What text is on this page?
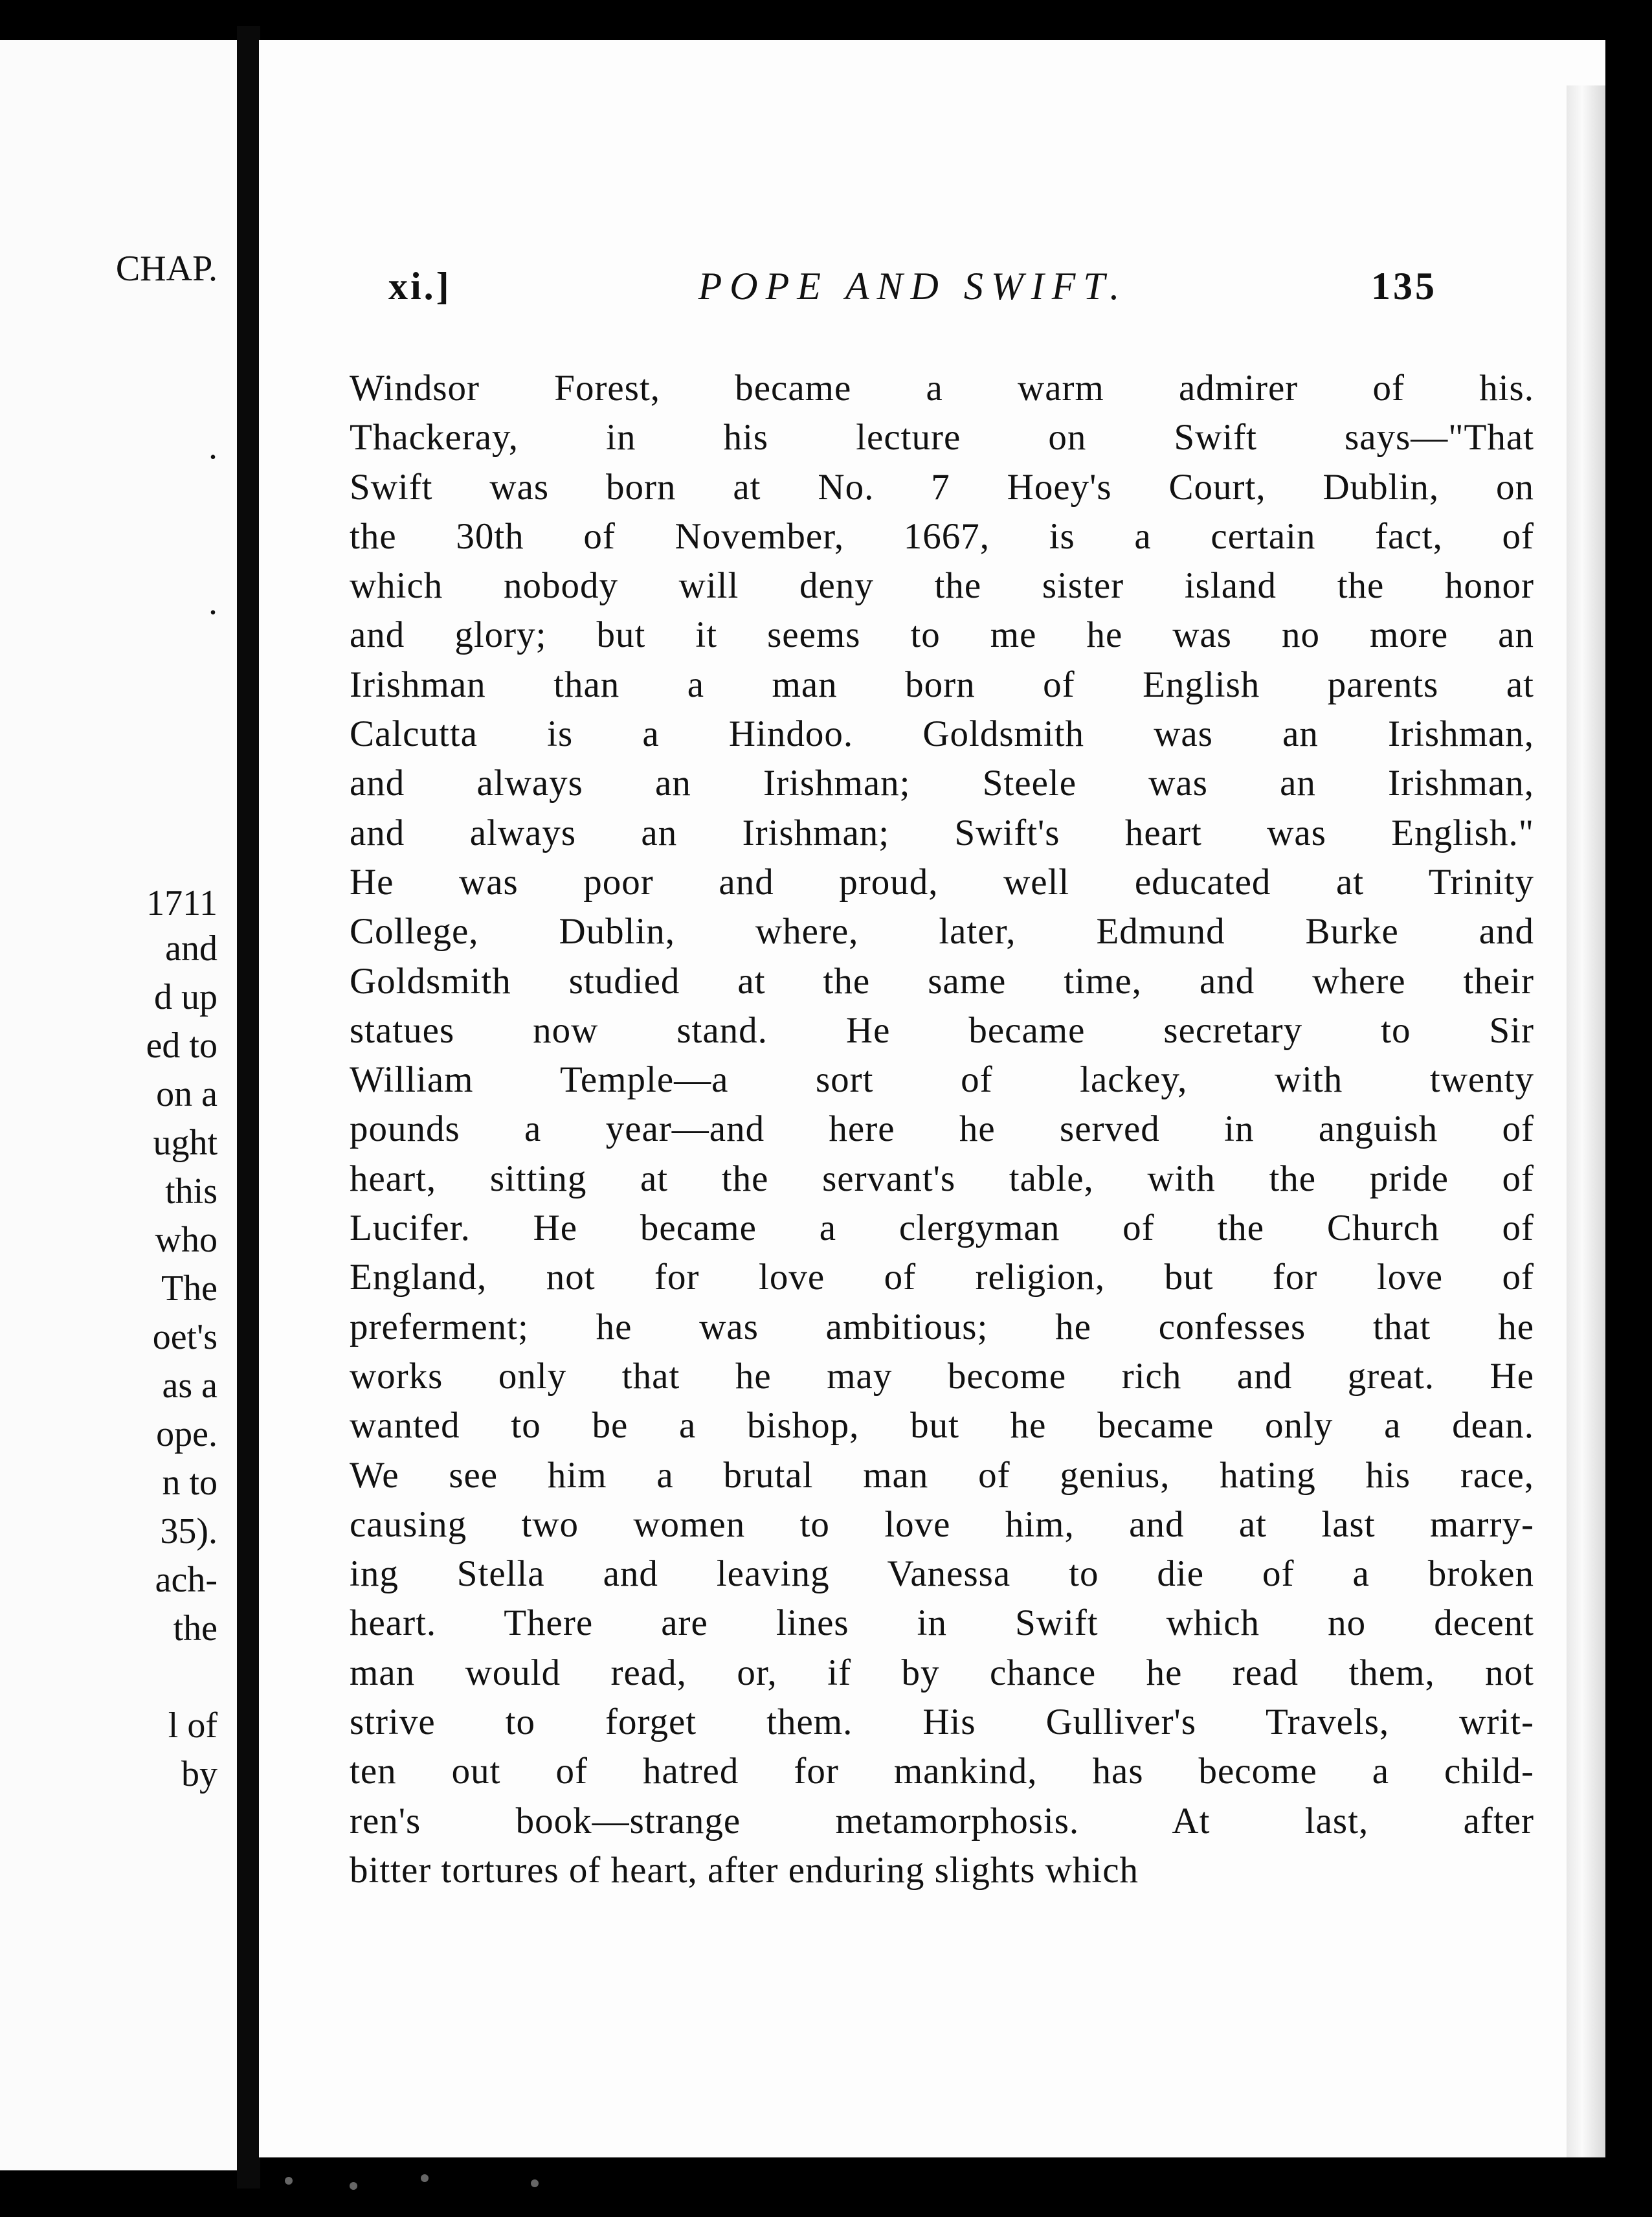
CHAP.
.
.
1711
and
d up
ed to
on a
ught
this
who
The
oet's
as a
ope.
n to
35).
ach-
the
l of
by
xi.]	POPE AND SWIFT.	135
Windsor Forest, became a warm admirer of his.
Thackeray, in his lecture on Swift says—"That
Swift was born at No. 7 Hoey's Court, Dublin, on
the 30th of November, 1667, is a certain fact, of
which nobody will deny the sister island the honor
and glory; but it seems to me he was no more an
Irishman than a man born of English parents at
Calcutta is a Hindoo. Goldsmith was an Irishman,
and always an Irishman; Steele was an Irishman,
and always an Irishman; Swift's heart was English."
He was poor and proud, well educated at Trinity
College, Dublin, where, later, Edmund Burke and
Goldsmith studied at the same time, and where their
statues now stand. He became secretary to Sir
William Temple—a sort of lackey, with twenty
pounds a year—and here he served in anguish of
heart, sitting at the servant's table, with the pride of
Lucifer. He became a clergyman of the Church of
England, not for love of religion, but for love of
preferment; he was ambitious; he confesses that he
works only that he may become rich and great. He
wanted to be a bishop, but he became only a dean.
We see him a brutal man of genius, hating his race,
causing two women to love him, and at last marry-
ing Stella and leaving Vanessa to die of a broken
heart. There are lines in Swift which no decent
man would read, or, if by chance he read them, not
strive to forget them. His Gulliver's Travels, writ-
ten out of hatred for mankind, has become a child-
ren's book—strange metamorphosis. At last, after
bitter tortures of heart, after enduring slights which
